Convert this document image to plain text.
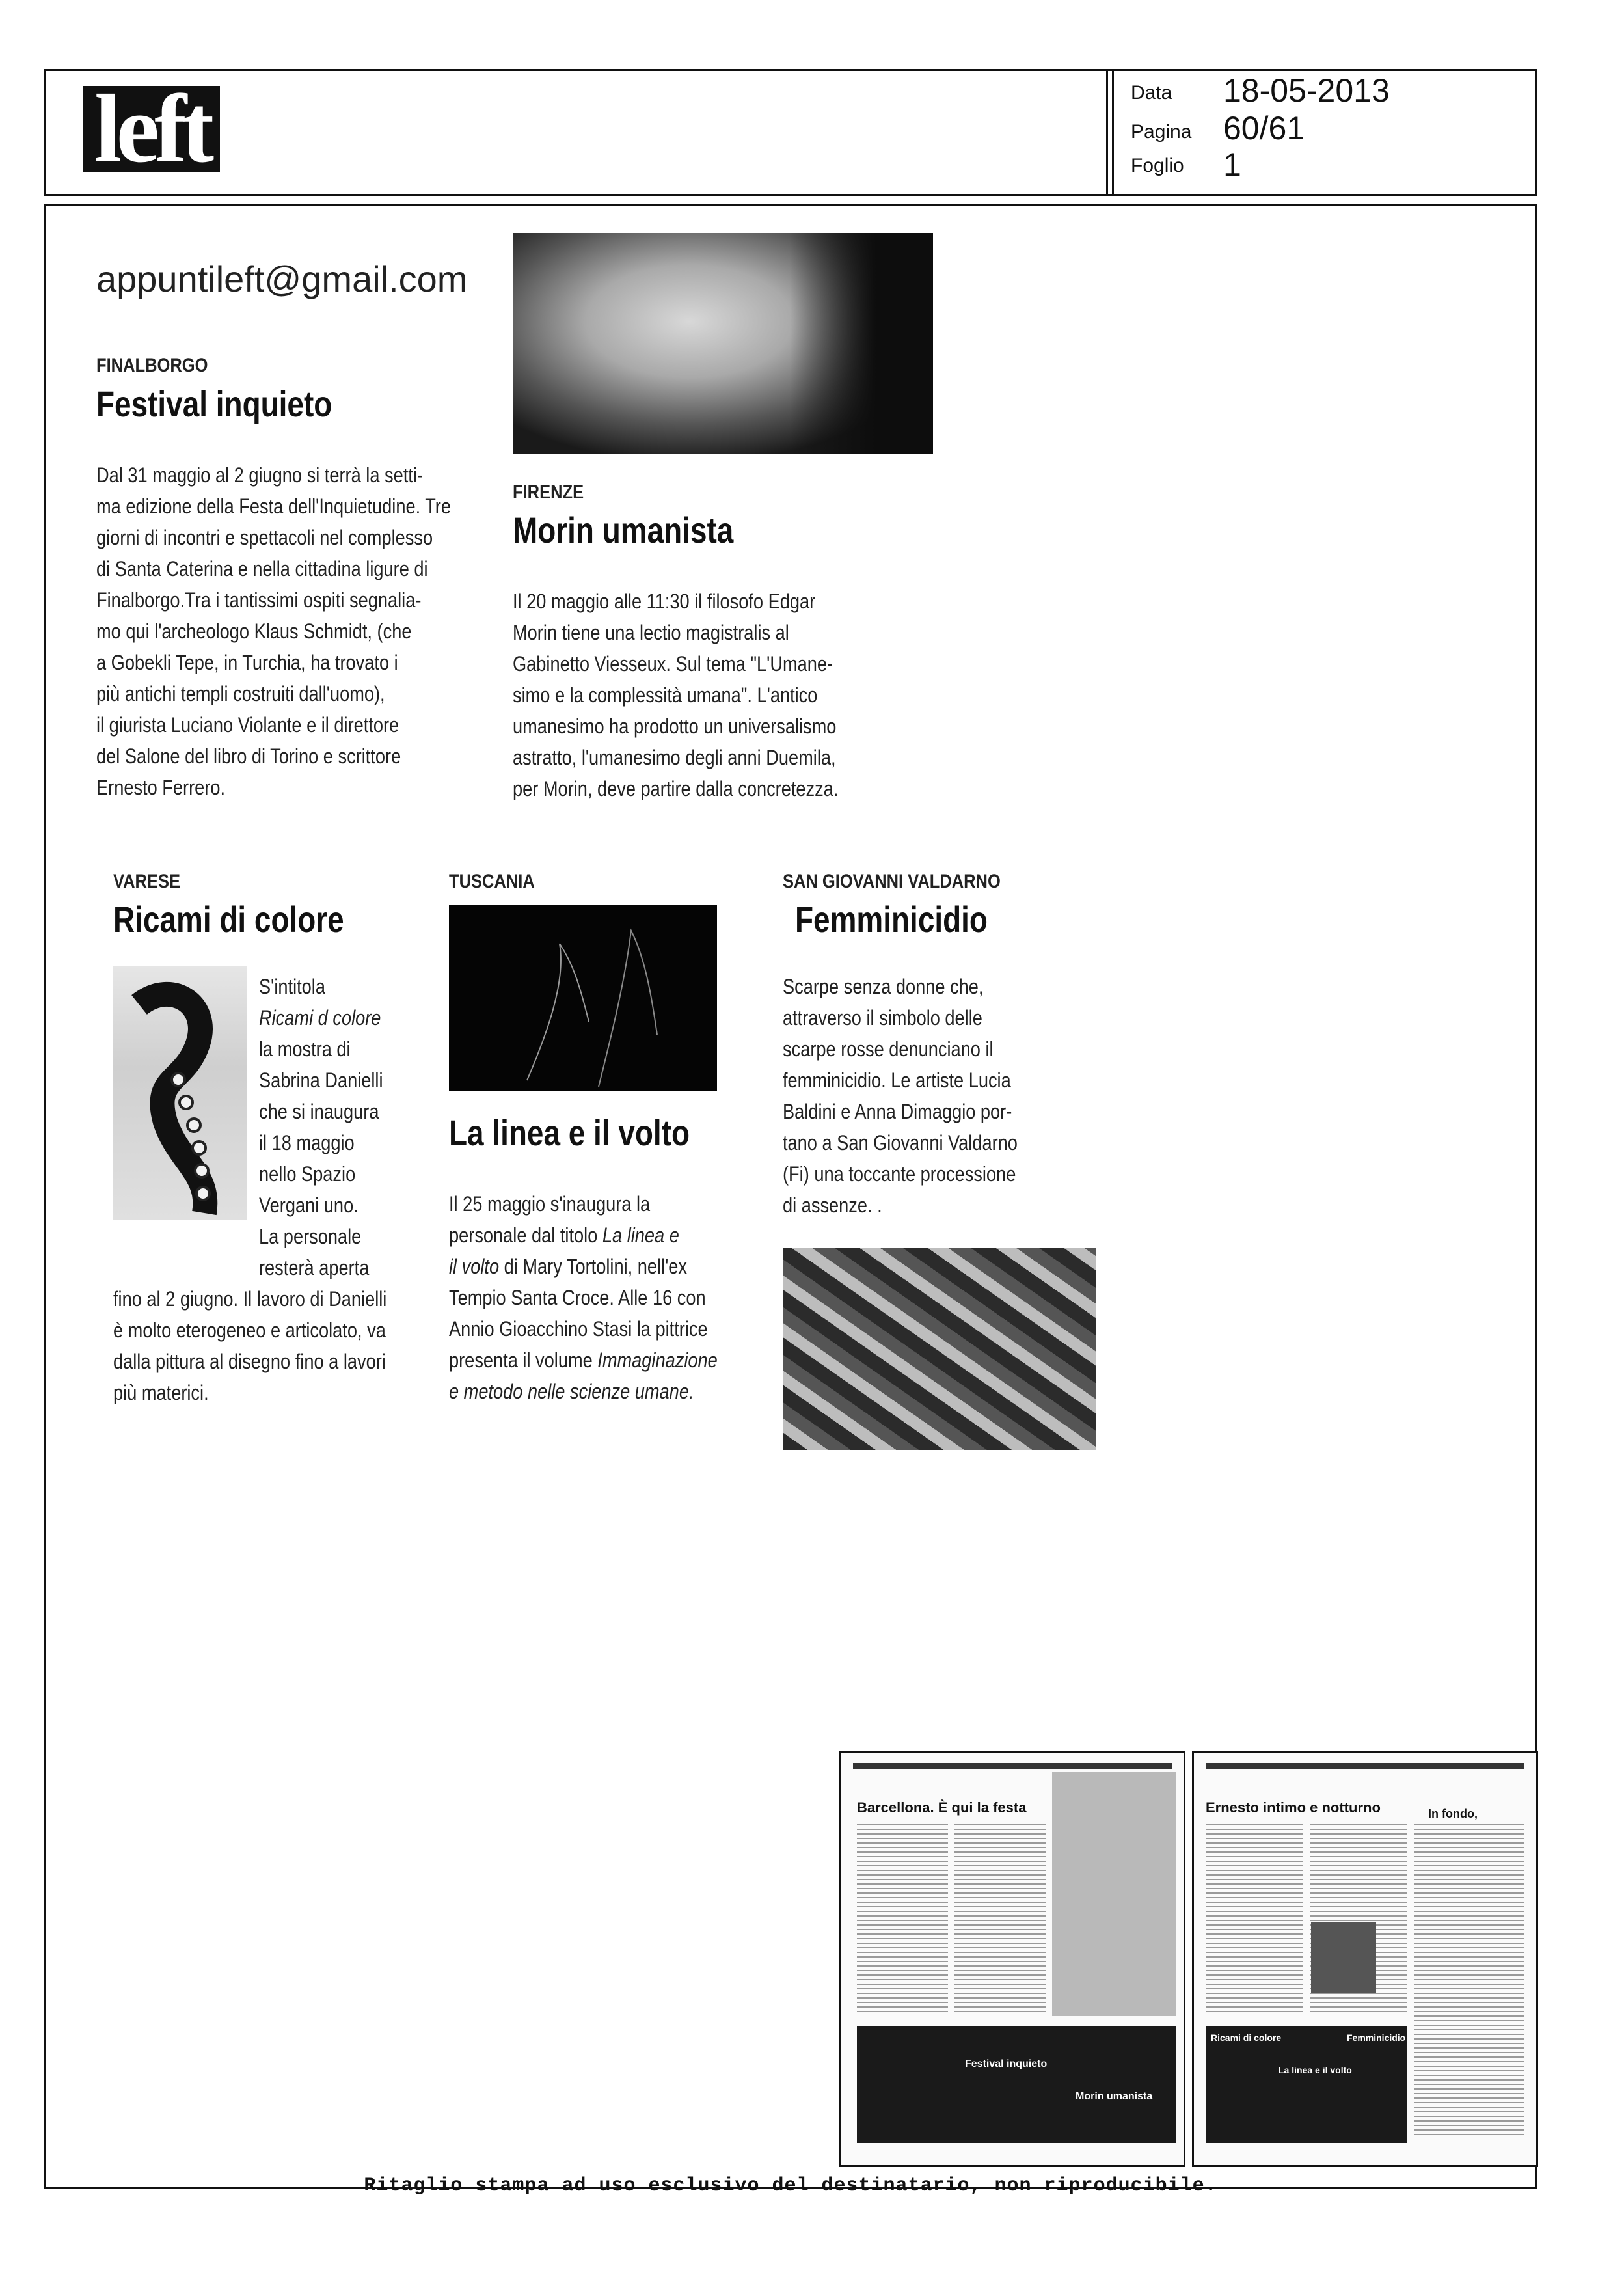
left	Data 18-05-2013
Pagina 60/61
Foglio 1
appuntileft@gmail.com
FINALBORGO
Festival inquieto

Dal 31 maggio al 2 giugno si terrà la setti-

ma edizione della Festa dell'Inquietudine. Tre

giorni di incontri e spettacoli nel complesso

di Santa Caterina e nella cittadina ligure di

Finalborgo.Tra i tantissimi ospiti segnalia-

mo qui l'archeologo Klaus Schmidt, (che

a Gobekli Tepe, in Turchia, ha trovato i

più antichi templi costruiti dall'uomo),

il giurista Luciano Violante e il direttore

del Salone del libro di Torino e scrittore

Ernesto Ferrero.

FIRENZE
Morin umanista

Il 20 maggio alle 11:30 il filosofo Edgar

Morin tiene una lectio magistralis al

Gabinetto Viesseux. Sul tema "L'Umane-

simo e la complessità umana". L'antico

umanesimo ha prodotto un universalismo

astratto, l'umanesimo degli anni Duemila,

per Morin, deve partire dalla concretezza.

VARESE
Ricami di colore

S'intitola

Ricami d colore

la mostra di

Sabrina Danielli

che si inaugura

il 18 maggio

nello Spazio

Vergani uno.

La personale

resterà aperta

fino al 2 giugno. Il lavoro di Danielli

è molto eterogeneo e articolato, va

dalla pittura al disegno fino a lavori

più materici.

TUSCANIA
La linea e il volto

Il 25 maggio s'inaugura la

personale dal titolo La linea e

il volto di Mary Tortolini, nell'ex

Tempio Santa Croce. Alle 16 con

Annio Gioacchino Stasi la pittrice

presenta il volume Immaginazione

e metodo nelle scienze umane.

SAN GIOVANNI VALDARNO
Femminicidio

Scarpe senza donne che,

attraverso il simbolo delle

scarpe rosse denunciano il

femminicidio. Le artiste Lucia

Baldini e Anna Dimaggio por-

tano a San Giovanni Valdarno

(Fi) una toccante processione

di assenze. .

Barcellona. È qui la festa
Festival inquieto
Morin umanista
Ernesto intimo e notturno	In fondo,
Ricami di colore
La linea e il volto
Femminicidio
Ritaglio stampa ad uso esclusivo del destinatario, non riproducibile.
